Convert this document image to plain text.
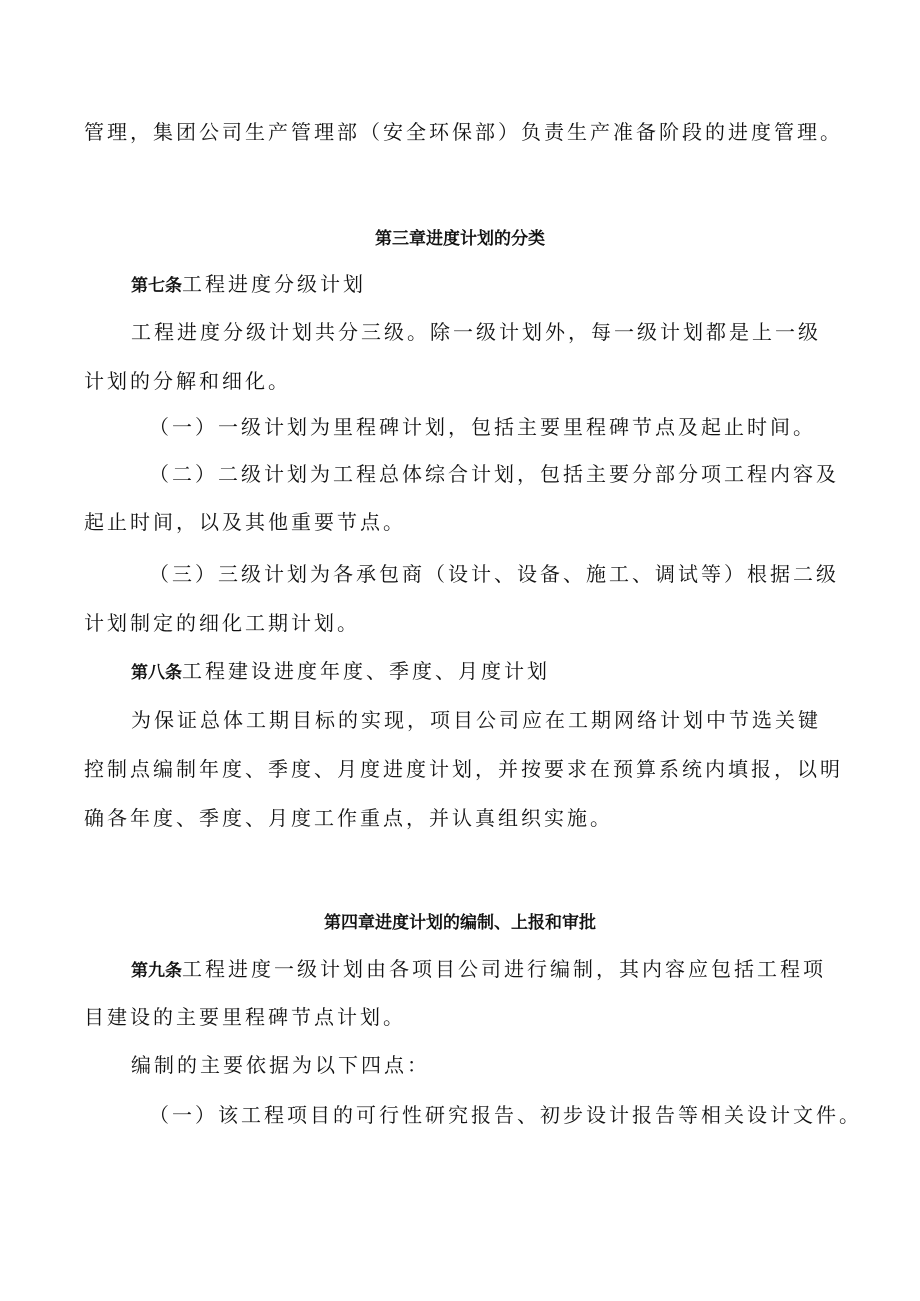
管理，集团公司生产管理部（安全环保部）负责生产准备阶段的进度管理。
第三章进度计划的分类
第七条工程进度分级计划
工程进度分级计划共分三级。除一级计划外，每一级计划都是上一级
计划的分解和细化。
（一）一级计划为里程碑计划，包括主要里程碑节点及起止时间。
（二）二级计划为工程总体综合计划，包括主要分部分项工程内容及
起止时间，以及其他重要节点。
（三）三级计划为各承包商（设计、设备、施工、调试等）根据二级
计划制定的细化工期计划。
第八条工程建设进度年度、季度、月度计划
为保证总体工期目标的实现，项目公司应在工期网络计划中节选关键
控制点编制年度、季度、月度进度计划，并按要求在预算系统内填报，以明
确各年度、季度、月度工作重点，并认真组织实施。
第四章进度计划的编制、上报和审批
第九条工程进度一级计划由各项目公司进行编制，其内容应包括工程项
目建设的主要里程碑节点计划。
编制的主要依据为以下四点：
（一）该工程项目的可行性研究报告、初步设计报告等相关设计文件。
